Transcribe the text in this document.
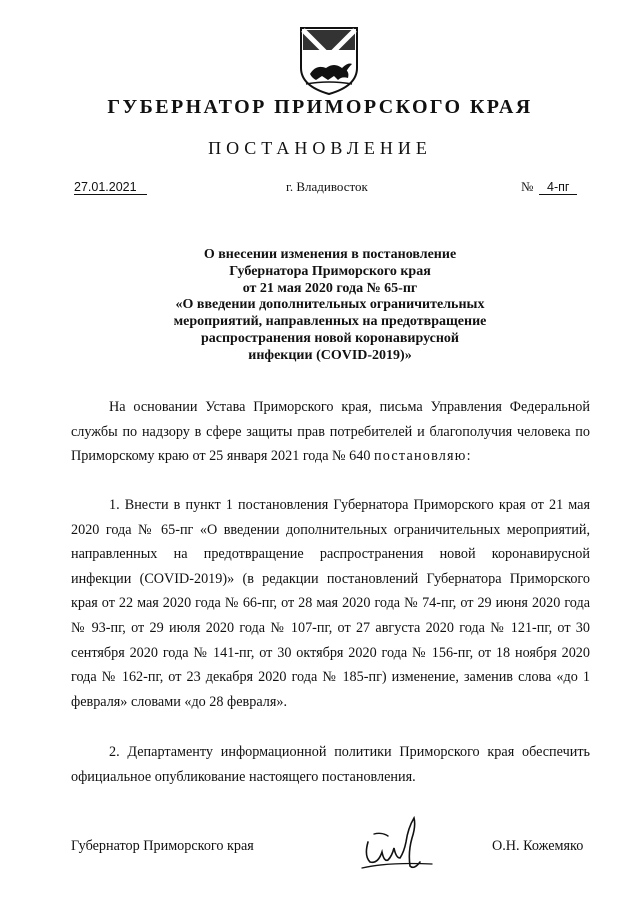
ГУБЕРНАТОР ПРИМОРСКОГО КРАЯ
ПОСТАНОВЛЕНИЕ
27.01.2021	г. Владивосток	№	4-пг
О внесении изменения в постановление
Губернатора Приморского края
от 21 мая 2020 года № 65-пг
«О введении дополнительных ограничительных
мероприятий, направленных на предотвращение
распространения новой коронавирусной
инфекции (COVID-2019)»
На основании Устава Приморского края, письма Управления Федеральной службы по надзору в сфере защиты прав потребителей и благополучия человека по Приморскому краю от 25 января 2021 года № 640 постановляю:
1. Внести в пункт 1 постановления Губернатора Приморского края от 21 мая 2020 года № 65-пг «О введении дополнительных ограничительных мероприятий, направленных на предотвращение распространения новой коронавирусной инфекции (COVID-2019)» (в редакции постановлений Губернатора Приморского края от 22 мая 2020 года № 66-пг, от 28 мая 2020 года № 74-пг, от 29 июня 2020 года № 93-пг, от 29 июля 2020 года № 107-пг, от 27 августа 2020 года № 121-пг, от 30 сентября 2020 года № 141-пг, от 30 октября 2020 года № 156-пг, от 18 ноября 2020 года № 162-пг, от 23 декабря 2020 года № 185-пг) изменение, заменив слова «до 1 февраля» словами «до 28 февраля».
2. Департаменту информационной политики Приморского края обеспечить официальное опубликование настоящего постановления.
Губернатор Приморского края	О.Н. Кожемяко
